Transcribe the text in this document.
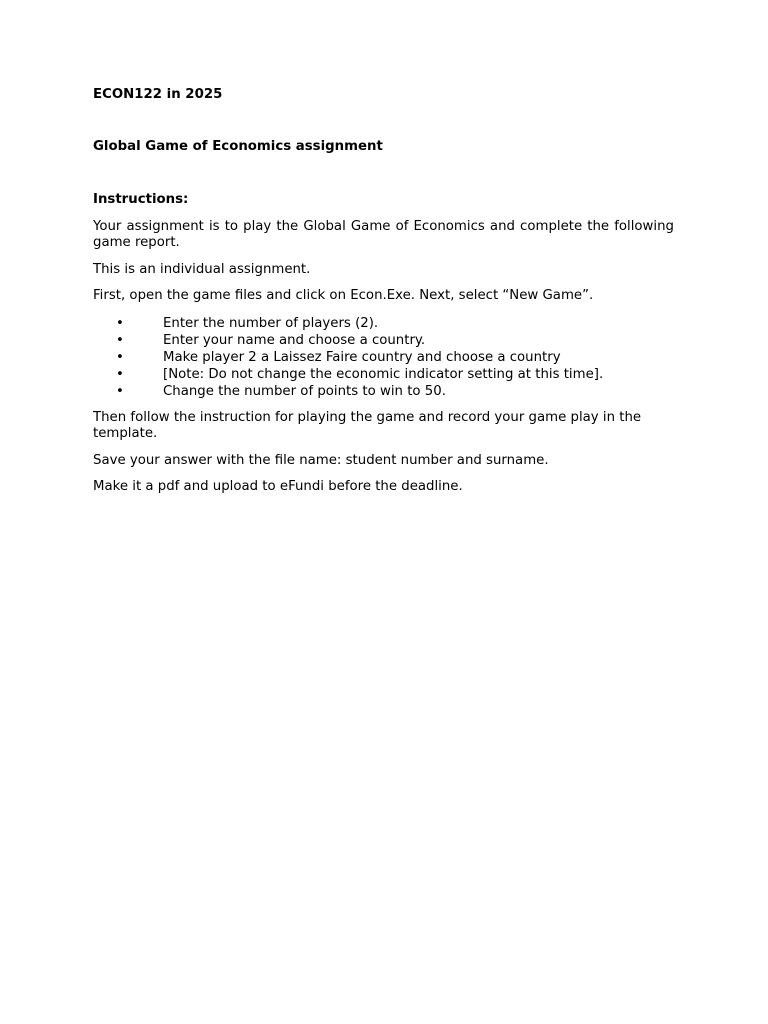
ECON122 in 2025

Global Game of Economics assignment

Instructions:

Your assignment is to play the Global Game of Economics and complete the following game report.

This is an individual assignment.

First, open the game files and click on Econ.Exe. Next, select “New Game”.

•	Enter the number of players (2).
•	Enter your name and choose a country.
•	Make player 2 a Laissez Faire country and choose a country
•	[Note: Do not change the economic indicator setting at this time].
•	Change the number of points to win to 50.

Then follow the instruction for playing the game and record your game play in the template.

Save your answer with the file name: student number and surname.

Make it a pdf and upload to eFundi before the deadline.
